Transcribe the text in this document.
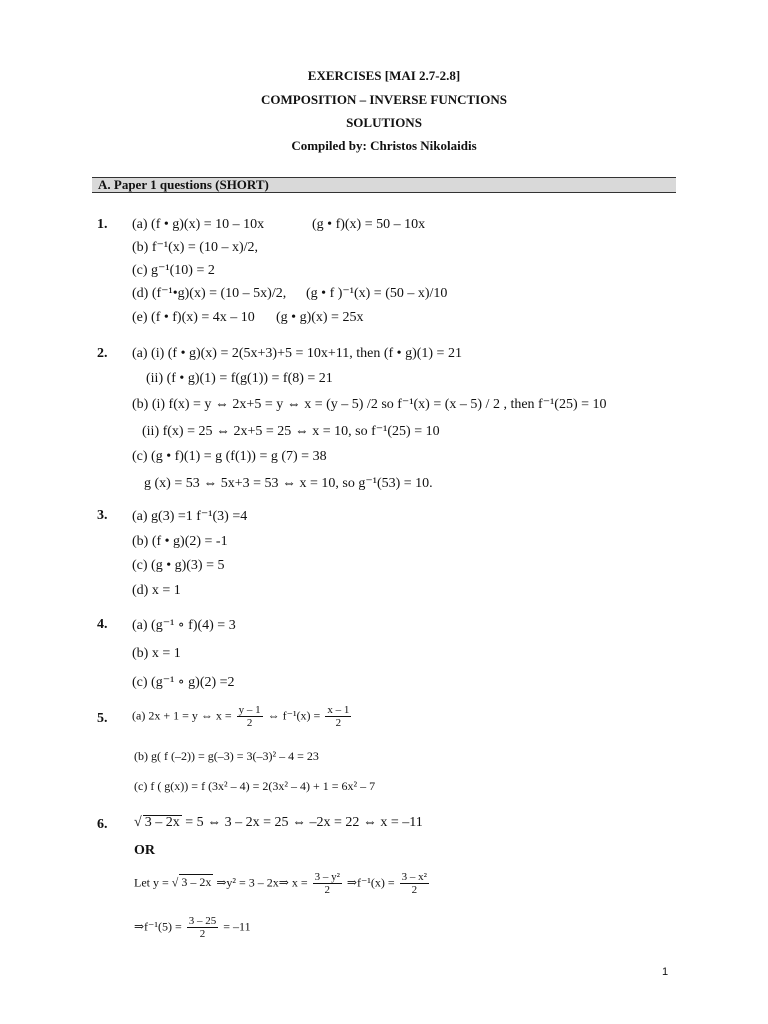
EXERCISES [MAI 2.7-2.8]
COMPOSITION – INVERSE FUNCTIONS
SOLUTIONS
Compiled by: Christos Nikolaidis
A. Paper 1 questions (SHORT)
1. (a) (f • g)(x) = 10 – 10x	(g • f)(x) = 50 – 10x
(b) f⁻¹(x) = (10 – x)/2,
(c) g⁻¹(10) = 2
(d) (f⁻¹•g)(x) = (10 – 5x)/2, (g • f )⁻¹(x) = (50 – x)/10
(e) (f • f)(x) = 4x – 10 (g • g)(x) = 25x
2. (a) (i) (f • g)(x) = 2(5x+3)+5 = 10x+11, then (f • g)(1) = 21
(ii) (f • g)(1) = f(g(1)) = f(8) = 21
(b) (i) f(x) = y ⇔ 2x+5 = y ⇔ x = (y – 5) /2 so f⁻¹(x) = (x – 5) / 2 , then f⁻¹(25) = 10
(ii) f(x) = 25 ⇔ 2x+5 = 25 ⇔ x = 10, so f⁻¹(25) = 10
(c) (g • f)(1) = g (f(1)) = g (7) = 38
g (x) = 53 ⇔ 5x+3 = 53 ⇔ x = 10, so g⁻¹(53) = 10.
3. (a) g(3) =1 f⁻¹(3) =4
(b) (f • g)(2) = -1
(c) (g • g)(3) = 5
(d) x = 1
4. (a) (g⁻¹ ∘ f)(4) = 3
(b) x = 1
(c) (g⁻¹ ∘ g)(2) =2
5. (a) 2x + 1 = y ⇔ $x = \frac{y - 1}{2}$ ⇔ $f^{-1}(x) = \frac{x - 1}{2}$
(b) g( f (–2)) = g(–3) = 3(–3)² – 4 = 23
(c) f ( g(x)) = f (3x² – 4) = 2(3x² – 4) + 1 = 6x² – 7
6. √ 3 – 2x = 5 ⇔ 3 – 2x = 25 ⇔ –2x = 22 ⇔ x = –11
OR
Let y = √ 3 – 2x ⇒y² = 3 – 2x⇒ $x = \frac{\text{3 – y²}}{2}$ ⇒f⁻¹(x) = $\frac{\text{3 – x²}}{2}$
⇒f⁻¹(5) = $\frac{3 - 25}{2} = -11$
1
